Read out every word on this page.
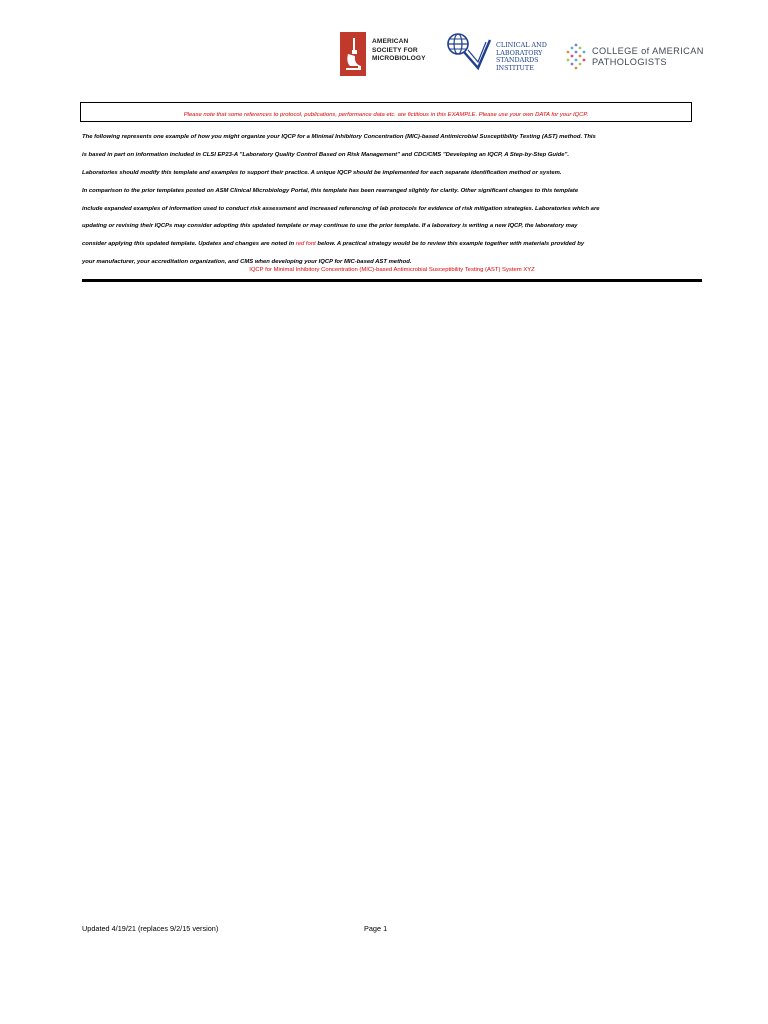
AMERICAN
SOCIETY FOR
MICROBIOLOGY
CLINICAL AND
LABORATORY
STANDARDS
INSTITUTE
COLLEGE of AMERICAN
PATHOLOGISTS
Please note that some references to protocol, publications, performance data etc. are fictitious in this EXAMPLE. Please use your own DATA for your IQCP.
The following represents one example of how you might organize your IQCP for a Minimal Inhibitory Concentration (MIC)-based Antimicrobial Susceptibility Testing (AST) method. This
is based in part on information included in CLSI EP23-A "Laboratory Quality Control Based on Risk Management" and CDC/CMS "Developing an IQCP, A Step-by-Step Guide".
Laboratories should modify this template and examples to support their practice. A unique IQCP should be implemented for each separate identification method or system.
In comparison to the prior templates posted on ASM Clinical Microbiology Portal, this template has been rearranged slightly for clarity. Other significant changes to this template
include expanded examples of information used to conduct risk assessment and increased referencing of lab protocols for evidence of risk mitigation strategies. Laboratories which are
updating or revising their IQCPs may consider adopting this updated template or may continue to use the prior template. If a laboratory is writing a new IQCP, the laboratory may
consider applying this updated template. Updates and changes are noted in red font below. A practical strategy would be to review this example together with materials provided by
your manufacturer, your accreditation organization, and CMS when developing your IQCP for MIC-based AST method.
IQCP for Minimal Inhibitory Concentration (MIC)-based Antimicrobial Susceptibility Testing (AST) System XYZ
Updated 4/19/21 (replaces 9/2/15 version)	Page 1
